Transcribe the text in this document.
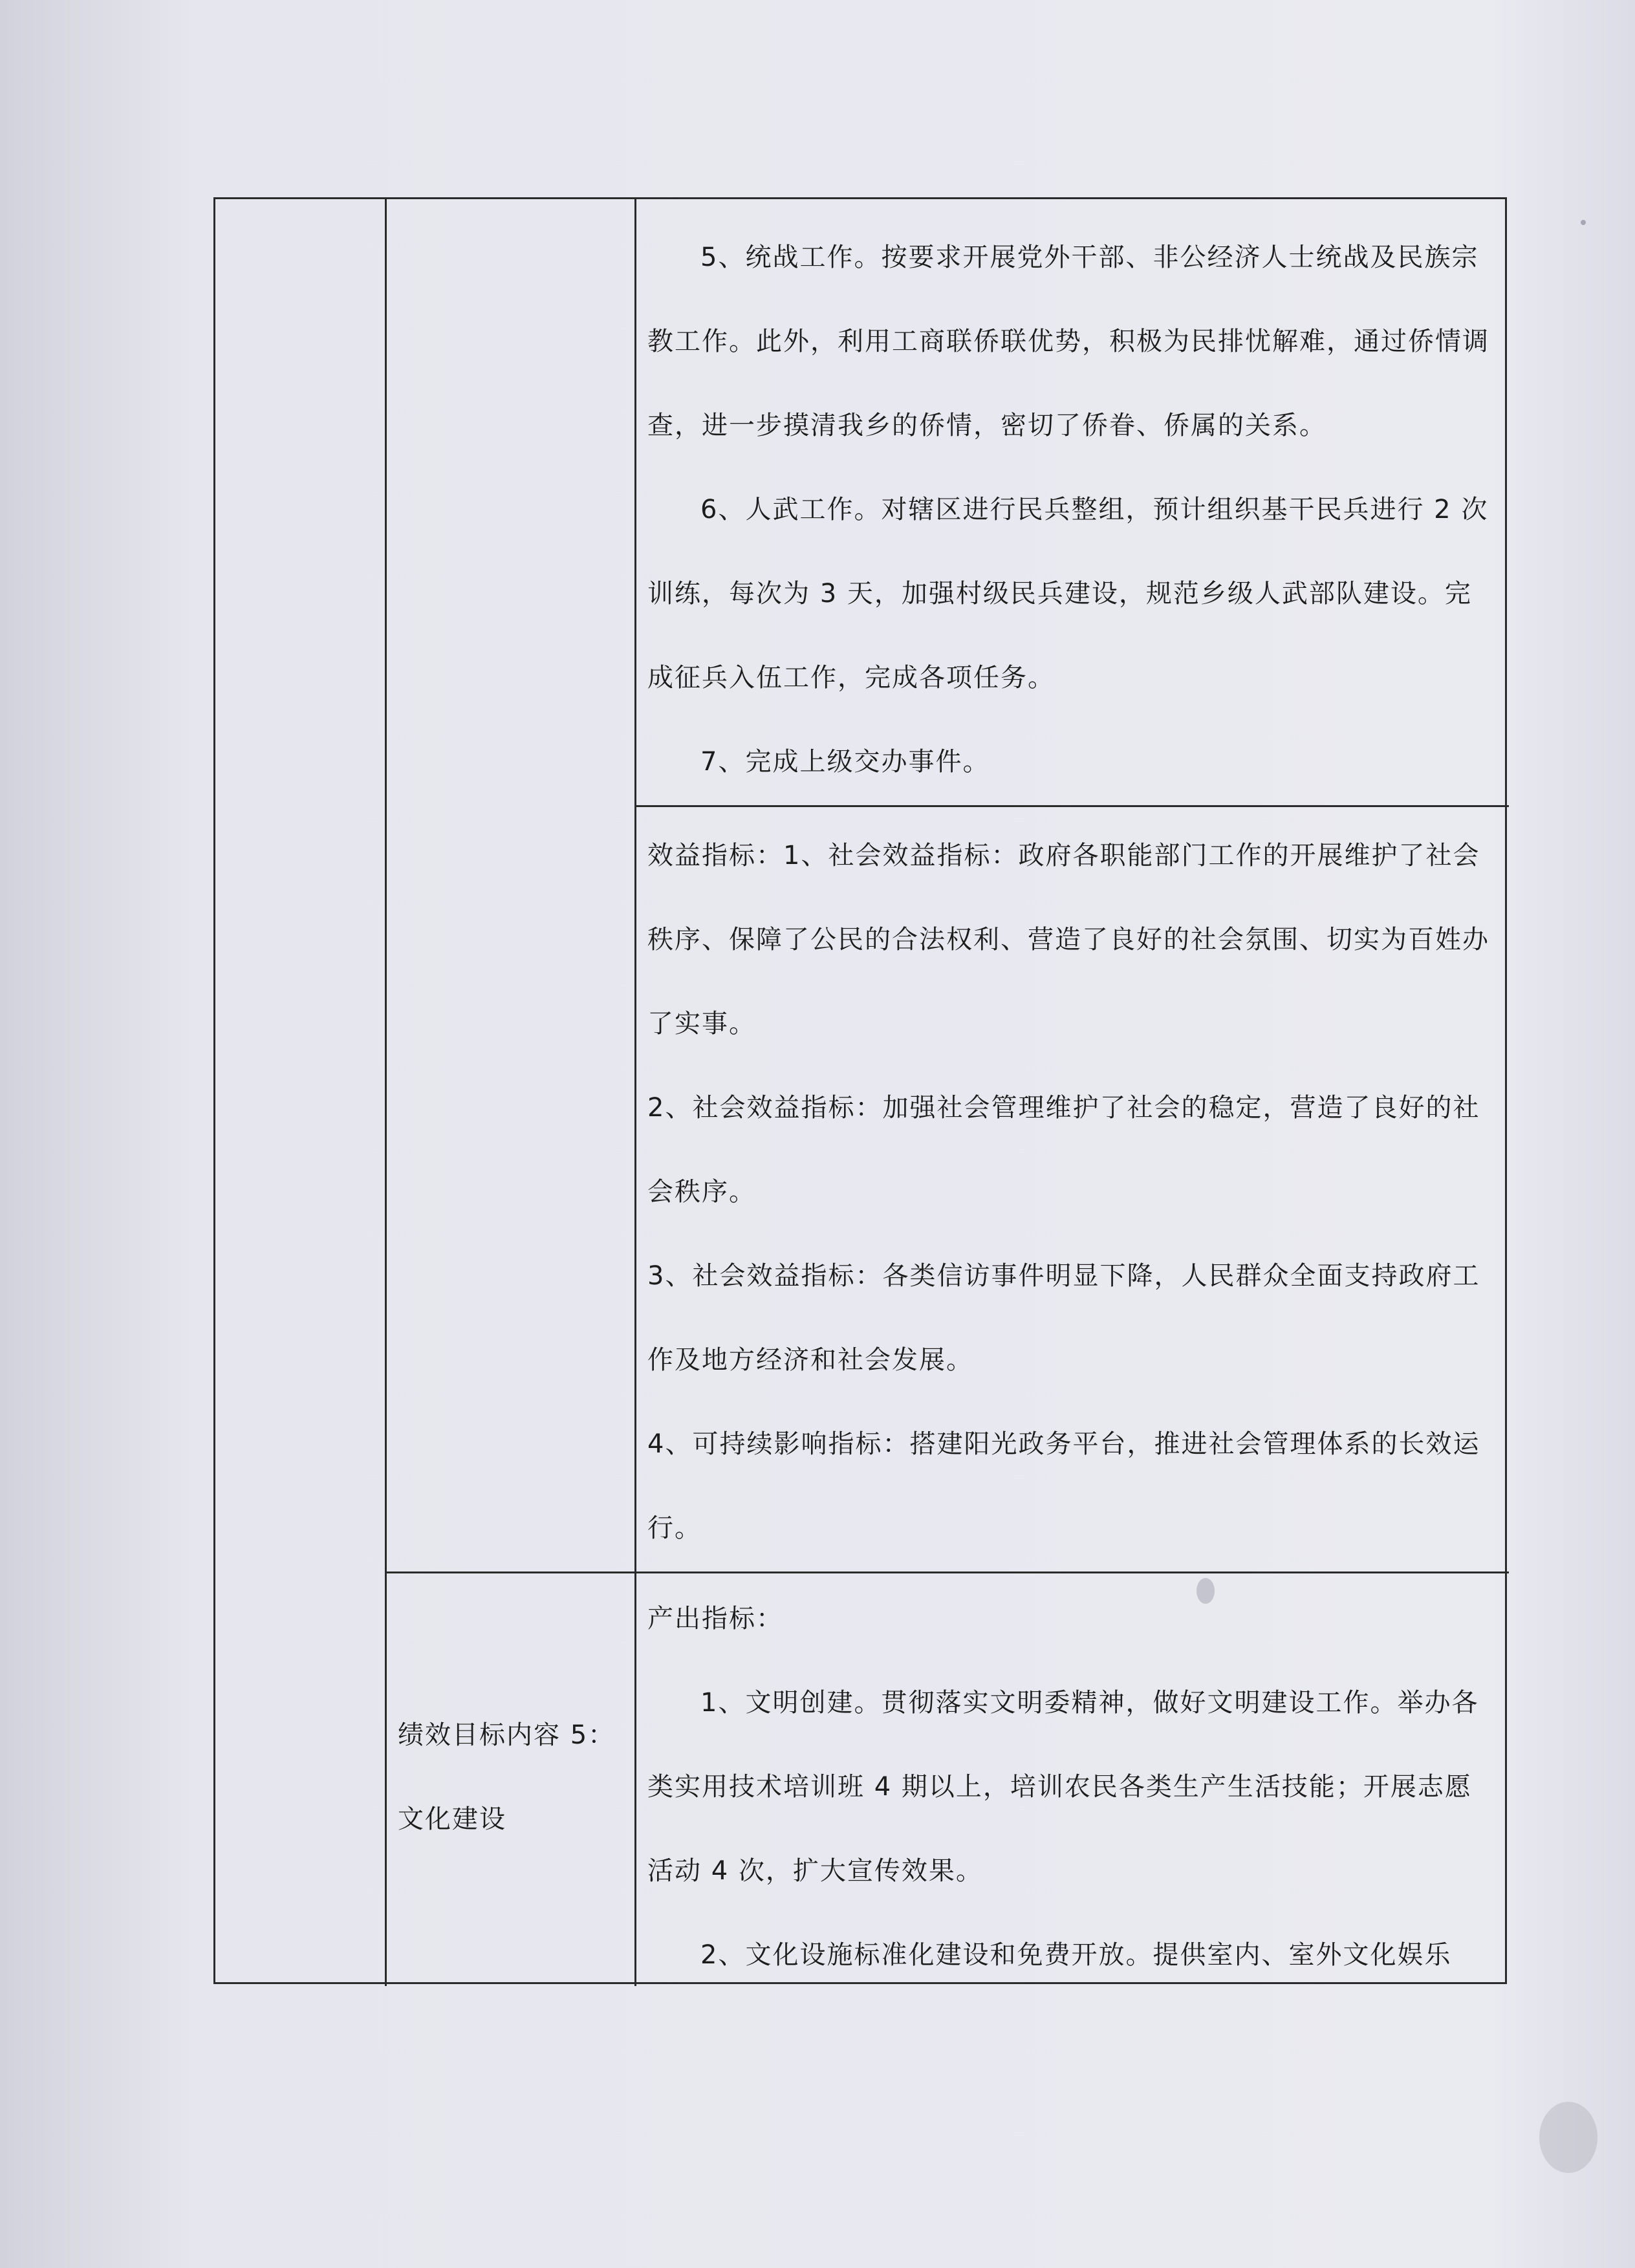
5、统战工作。按要求开展党外干部、非公经济人士统战及民族宗教工作。此外，利用工商联侨联优势，积极为民排忧解难，通过侨情调查，进一步摸清我乡的侨情，密切了侨眷、侨属的关系。

6、人武工作。对辖区进行民兵整组，预计组织基干民兵进行 2 次训练，每次为 3 天，加强村级民兵建设，规范乡级人武部队建设。完成征兵入伍工作，完成各项任务。

7、完成上级交办事件。

效益指标：1、社会效益指标：政府各职能部门工作的开展维护了社会秩序、保障了公民的合法权利、营造了良好的社会氛围、切实为百姓办了实事。

2、社会效益指标：加强社会管理维护了社会的稳定，营造了良好的社会秩序。

3、社会效益指标：各类信访事件明显下降，人民群众全面支持政府工作及地方经济和社会发展。

4、可持续影响指标：搭建阳光政务平台，推进社会管理体系的长效运行。

绩效目标内容 5：
文化建设

产出指标：

1、文明创建。贯彻落实文明委精神，做好文明建设工作。举办各类实用技术培训班 4 期以上，培训农民各类生产生活技能；开展志愿活动 4 次，扩大宣传效果。

2、文化设施标准化建设和免费开放。提供室内、室外文化娱乐
